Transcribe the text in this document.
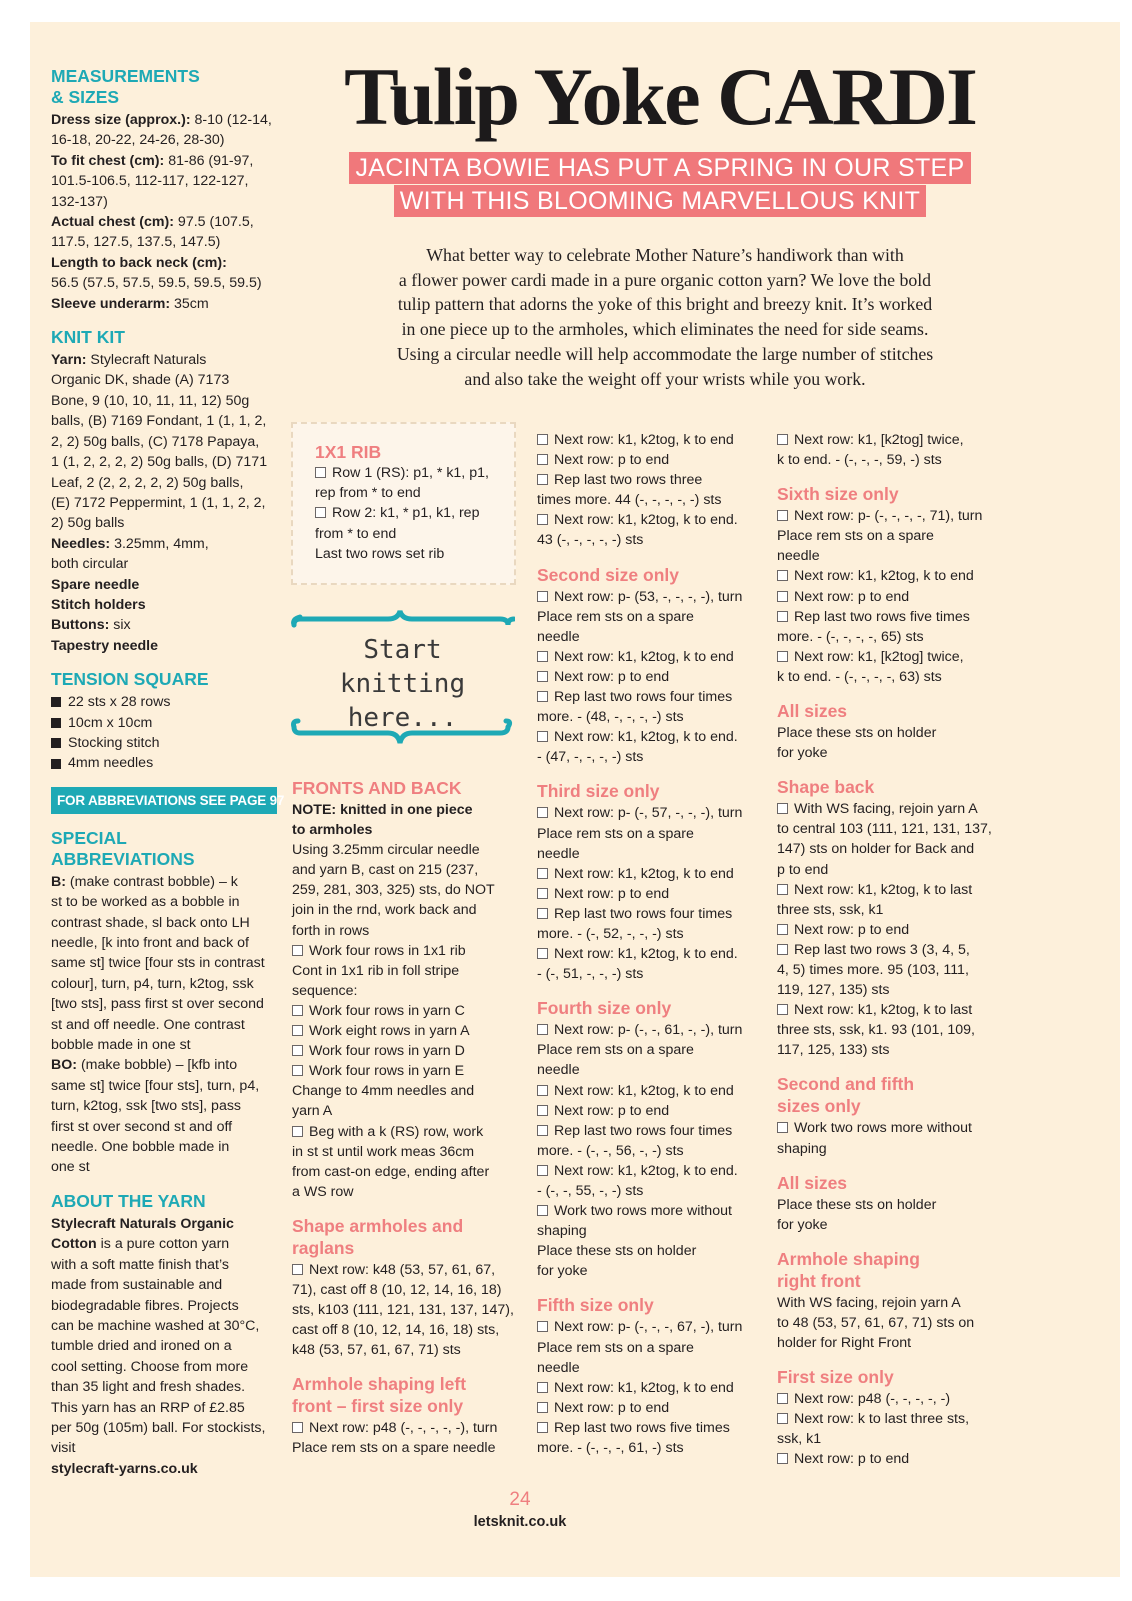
Tulip Yoke CARDI
JACINTA BOWIE HAS PUT A SPRING IN OUR STEP
WITH THIS BLOOMING MARVELLOUS KNIT
What better way to celebrate Mother Nature’s handiwork than with
a flower power cardi made in a pure organic cotton yarn? We love the bold
tulip pattern that adorns the yoke of this bright and breezy knit. It’s worked
in one piece up to the armholes, which eliminates the need for side seams.
Using a circular needle will help accommodate the large number of stitches
and also take the weight off your wrists while you work.
MEASUREMENTS
& SIZES
Dress size (approx.): 8-10 (12-14,
16-18, 20-22, 24-26, 28-30)
To fit chest (cm): 81-86 (91-97,
101.5-106.5, 112-117, 122-127,
132-137)
Actual chest (cm): 97.5 (107.5,
117.5, 127.5, 137.5, 147.5)
Length to back neck (cm):
56.5 (57.5, 57.5, 59.5, 59.5, 59.5)
Sleeve underarm: 35cm
KNIT KIT
Yarn: Stylecraft Naturals
Organic DK, shade (A) 7173
Bone, 9 (10, 10, 11, 11, 12) 50g
balls, (B) 7169 Fondant, 1 (1, 1, 2,
2, 2) 50g balls, (C) 7178 Papaya,
1 (1, 2, 2, 2, 2) 50g balls, (D) 7171
Leaf, 2 (2, 2, 2, 2, 2) 50g balls,
(E) 7172 Peppermint, 1 (1, 1, 2, 2,
2) 50g balls
Needles: 3.25mm, 4mm,
both circular
Spare needle
Stitch holders
Buttons: six
Tapestry needle
TENSION SQUARE
22 sts x 28 rows
10cm x 10cm
Stocking stitch
4mm needles
FOR ABBREVIATIONS SEE PAGE 97
SPECIAL
ABBREVIATIONS
B: (make contrast bobble) – k
st to be worked as a bobble in
contrast shade, sl back onto LH
needle, [k into front and back of
same st] twice [four sts in contrast
colour], turn, p4, turn, k2tog, ssk
[two sts], pass first st over second
st and off needle. One contrast
bobble made in one st
BO: (make bobble) – [kfb into
same st] twice [four sts], turn, p4,
turn, k2tog, ssk [two sts], pass
first st over second st and off
needle. One bobble made in
one st
ABOUT THE YARN
Stylecraft Naturals Organic
Cotton is a pure cotton yarn
with a soft matte finish that’s
made from sustainable and
biodegradable fibres. Projects
can be machine washed at 30°C,
tumble dried and ironed on a
cool setting. Choose from more
than 35 light and fresh shades.
This yarn has an RRP of £2.85
per 50g (105m) ball. For stockists,
visit
stylecraft-yarns.co.uk
1X1 RIB
Row 1 (RS): p1, * k1, p1,
rep from * to end
Row 2: k1, * p1, k1, rep
from * to end
Last two rows set rib
Start
knitting
here...
FRONTS AND BACK
NOTE: knitted in one piece
to armholes
Using 3.25mm circular needle
and yarn B, cast on 215 (237,
259, 281, 303, 325) sts, do NOT
join in the rnd, work back and
forth in rows
Work four rows in 1x1 rib
Cont in 1x1 rib in foll stripe
sequence:
Work four rows in yarn C
Work eight rows in yarn A
Work four rows in yarn D
Work four rows in yarn E
Change to 4mm needles and
yarn A
Beg with a k (RS) row, work
in st st until work meas 36cm
from cast-on edge, ending after
a WS row
Shape armholes and
raglans
Next row: k48 (53, 57, 61, 67,
71), cast off 8 (10, 12, 14, 16, 18)
sts, k103 (111, 121, 131, 137, 147),
cast off 8 (10, 12, 14, 16, 18) sts,
k48 (53, 57, 61, 67, 71) sts
Armhole shaping left
front – first size only
Next row: p48 (-, -, -, -, -), turn
Place rem sts on a spare needle
Next row: k1, k2tog, k to end
Next row: p to end
Rep last two rows three
times more. 44 (-, -, -, -, -) sts
Next row: k1, k2tog, k to end.
43 (-, -, -, -, -) sts
Second size only
Next row: p- (53, -, -, -, -), turn
Place rem sts on a spare
needle
Next row: k1, k2tog, k to end
Next row: p to end
Rep last two rows four times
more. - (48, -, -, -, -) sts
Next row: k1, k2tog, k to end.
- (47, -, -, -, -) sts
Third size only
Next row: p- (-, 57, -, -, -), turn
Place rem sts on a spare
needle
Next row: k1, k2tog, k to end
Next row: p to end
Rep last two rows four times
more. - (-, 52, -, -, -) sts
Next row: k1, k2tog, k to end.
- (-, 51, -, -, -) sts
Fourth size only
Next row: p- (-, -, 61, -, -), turn
Place rem sts on a spare
needle
Next row: k1, k2tog, k to end
Next row: p to end
Rep last two rows four times
more. - (-, -, 56, -, -) sts
Next row: k1, k2tog, k to end.
- (-, -, 55, -, -) sts
Work two rows more without
shaping
Place these sts on holder
for yoke
Fifth size only
Next row: p- (-, -, -, 67, -), turn
Place rem sts on a spare
needle
Next row: k1, k2tog, k to end
Next row: p to end
Rep last two rows five times
more. - (-, -, -, 61, -) sts
Next row: k1, [k2tog] twice,
k to end. - (-, -, -, 59, -) sts
Sixth size only
Next row: p- (-, -, -, -, 71), turn
Place rem sts on a spare
needle
Next row: k1, k2tog, k to end
Next row: p to end
Rep last two rows five times
more. - (-, -, -, -, 65) sts
Next row: k1, [k2tog] twice,
k to end. - (-, -, -, -, 63) sts
All sizes
Place these sts on holder
for yoke
Shape back
With WS facing, rejoin yarn A
to central 103 (111, 121, 131, 137,
147) sts on holder for Back and
p to end
Next row: k1, k2tog, k to last
three sts, ssk, k1
Next row: p to end
Rep last two rows 3 (3, 4, 5,
4, 5) times more. 95 (103, 111,
119, 127, 135) sts
Next row: k1, k2tog, k to last
three sts, ssk, k1. 93 (101, 109,
117, 125, 133) sts
Second and fifth
sizes only
Work two rows more without
shaping
All sizes
Place these sts on holder
for yoke
Armhole shaping
right front
With WS facing, rejoin yarn A
to 48 (53, 57, 61, 67, 71) sts on
holder for Right Front
First size only
Next row: p48 (-, -, -, -, -)
Next row: k to last three sts,
ssk, k1
Next row: p to end
24
letsknit.co.uk
